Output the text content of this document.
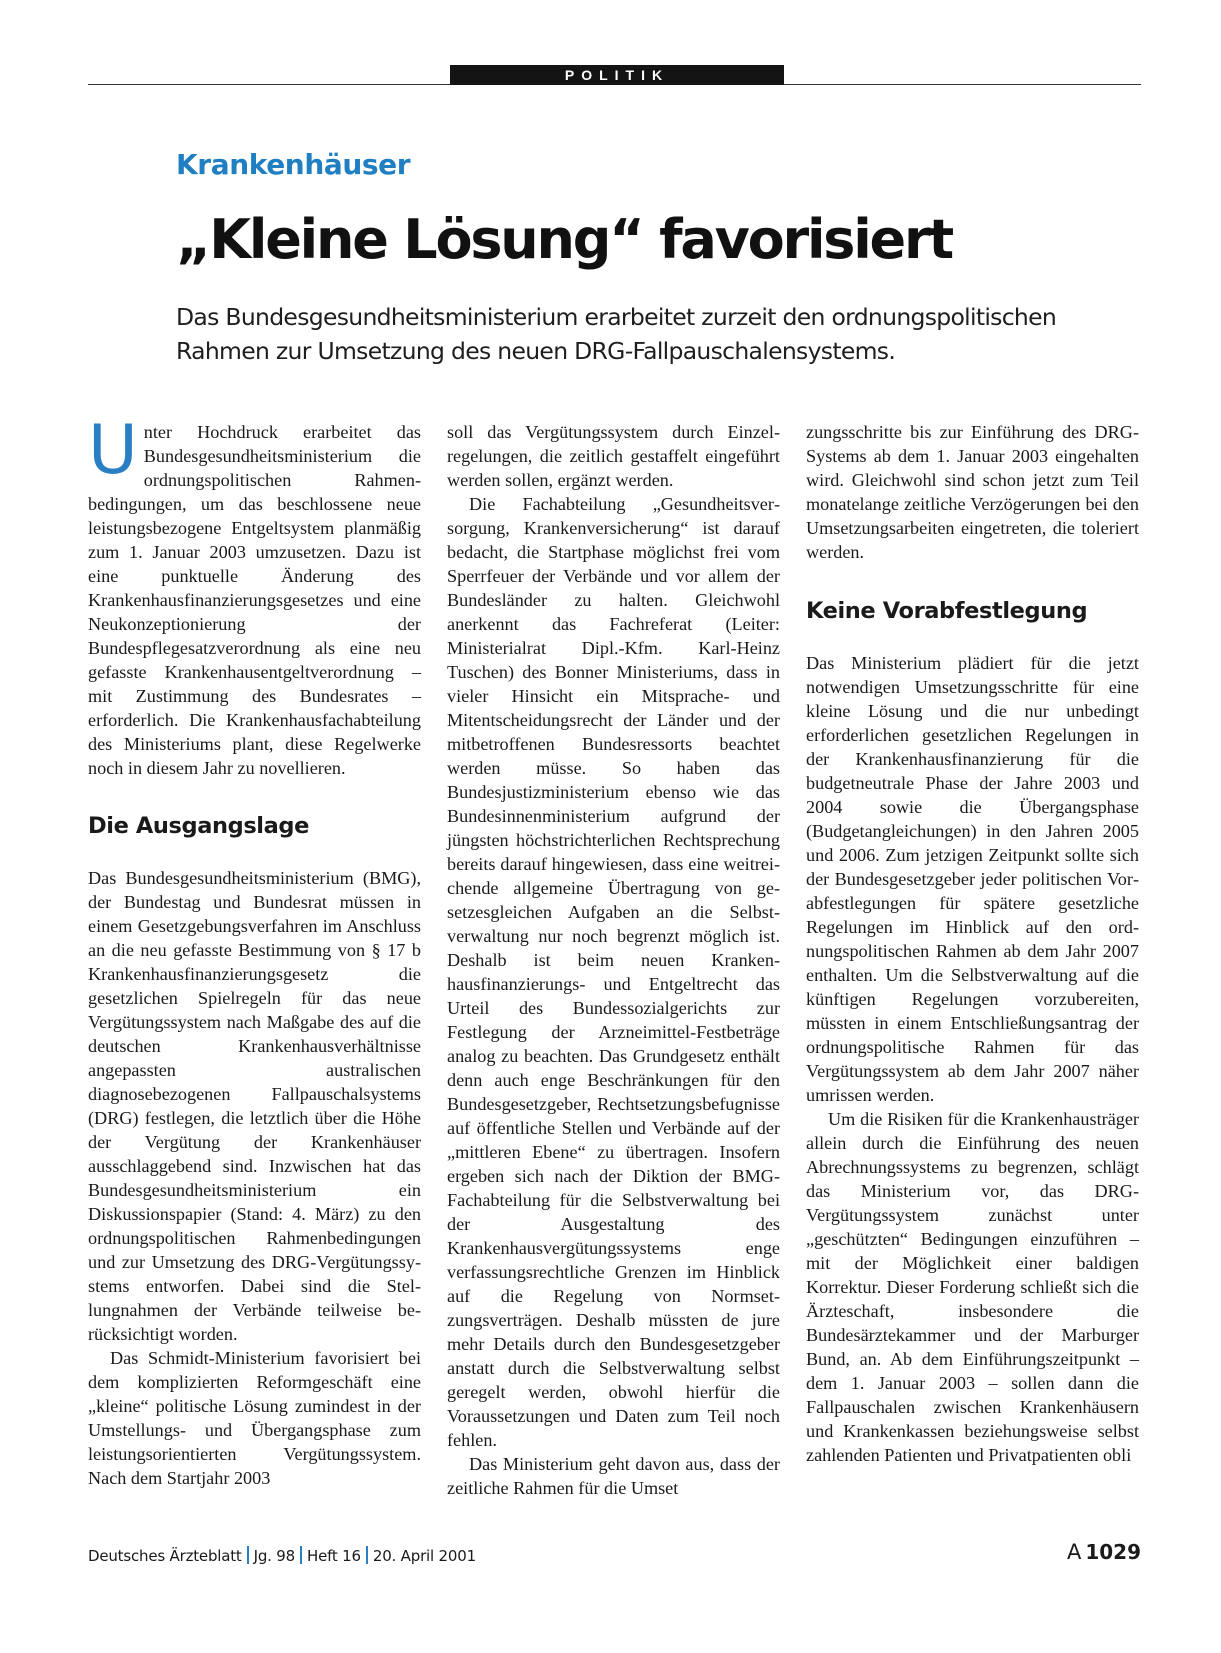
POLITIK
Krankenhäuser
„Kleine Lösung“ favorisiert
Das Bundesgesundheitsministerium erarbeitet zurzeit den ordnungspolitischen Rahmen zur Umsetzung des neuen DRG-Fallpauschalensystems.

Unter Hochdruck erarbeitet das Bundesgesundheitsministerium die ordnungspolitischen Rahmenbedingungen, um das beschlossene neue leistungsbezogene Entgeltsystem planmäßig zum 1. Januar 2003 umzusetzen. Dazu ist eine punktuelle Änderung des Krankenhausfinanzierungsgesetzes und eine Neukonzeptionierung der Bundespflegesatzverordnung als eine neu gefasste Krankenhausentgeltverordnung – mit Zustimmung des Bundesrates – erforderlich. Die Krankenhausfachabteilung des Ministeriums plant, diese Regelwerke noch in diesem Jahr zu novellieren.

Die Ausgangslage

Das Bundesgesundheitsministerium (BMG), der Bundestag und Bundesrat müssen in einem Gesetzgebungsverfahren im Anschluss an die neu gefasste Bestimmung von § 17 b Krankenhausfinanzierungsgesetz die gesetzlichen Spielregeln für das neue Vergütungssystem nach Maßgabe des auf die deutschen Krankenhausverhältnisse angepassten australischen diagnosebezogenen Fallpauschalsystems (DRG) festlegen, die letztlich über die Höhe der Vergütung der Krankenhäuser ausschlaggebend sind. Inzwischen hat das Bundesgesundheitsministerium ein Diskussionspapier (Stand: 4. März) zu den ordnungspolitischen Rahmenbedingungen und zur Umsetzung des DRG-Vergütungssystems entworfen. Dabei sind die Stellungnahmen der Verbände teilweise berücksichtigt worden.

Das Schmidt-Ministerium favorisiert bei dem komplizierten Reformgeschäft eine „kleine“ politische Lösung zumindest in der Umstellungs- und Übergangsphase zum leistungsorientierten Vergütungssystem. Nach dem Startjahr 2003

soll das Vergütungssystem durch Einzelregelungen, die zeitlich gestaffelt eingeführt werden sollen, ergänzt werden.

Die Fachabteilung „Gesundheitsversorgung, Krankenversicherung“ ist darauf bedacht, die Startphase möglichst frei vom Sperrfeuer der Verbände und vor allem der Bundesländer zu halten. Gleichwohl anerkennt das Fachreferat (Leiter: Ministerialrat Dipl.-Kfm. Karl-Heinz Tuschen) des Bonner Ministeriums, dass in vieler Hinsicht ein Mitsprache- und Mitentscheidungsrecht der Länder und der mitbetroffenen Bundesressorts beachtet werden müsse. So haben das Bundesjustizministerium ebenso wie das Bundesinnenministerium aufgrund der jüngsten höchstrichterlichen Rechtsprechung bereits darauf hingewiesen, dass eine weitreichende allgemeine Übertragung von gesetzesgleichen Aufgaben an die Selbstverwaltung nur noch begrenzt möglich ist. Deshalb ist beim neuen Krankenhausfinanzierungs- und Entgeltrecht das Urteil des Bundessozialgerichts zur Festlegung der Arzneimittel-Festbeträge analog zu beachten. Das Grundgesetz enthält denn auch enge Beschränkungen für den Bundesgesetzgeber, Rechtsetzungsbefugnisse auf öffentliche Stellen und Verbände auf der „mittleren Ebene“ zu übertragen. Insofern ergeben sich nach der Diktion der BMG-Fachabteilung für die Selbstverwaltung bei der Ausgestaltung des Krankenhausvergütungssystems enge verfassungsrechtliche Grenzen im Hinblick auf die Regelung von Normsetzungsverträgen. Deshalb müssten de jure mehr Details durch den Bundesgesetzgeber anstatt durch die Selbstverwaltung selbst geregelt werden, obwohl hierfür die Voraussetzungen und Daten zum Teil noch fehlen.

Das Ministerium geht davon aus, dass der zeitliche Rahmen für die Umset

zungsschritte bis zur Einführung des DRG-Systems ab dem 1. Januar 2003 eingehalten wird. Gleichwohl sind schon jetzt zum Teil monatelange zeitliche Verzögerungen bei den Umsetzungsarbeiten eingetreten, die toleriert werden.

Keine Vorabfestlegung

Das Ministerium plädiert für die jetzt notwendigen Umsetzungsschritte für eine kleine Lösung und die nur unbedingt erforderlichen gesetzlichen Regelungen in der Krankenhausfinanzierung für die budgetneutrale Phase der Jahre 2003 und 2004 sowie die Übergangsphase (Budgetangleichungen) in den Jahren 2005 und 2006. Zum jetzigen Zeitpunkt sollte sich der Bundesgesetzgeber jeder politischen Vorabfestlegungen für spätere gesetzliche Regelungen im Hinblick auf den ordnungspolitischen Rahmen ab dem Jahr 2007 enthalten. Um die Selbstverwaltung auf die künftigen Regelungen vorzubereiten, müssten in einem Entschließungsantrag der ordnungspolitische Rahmen für das Vergütungssystem ab dem Jahr 2007 näher umrissen werden.

Um die Risiken für die Krankenhausträger allein durch die Einführung des neuen Abrechnungssystems zu begrenzen, schlägt das Ministerium vor, das DRG-Vergütungssystem zunächst unter „geschützten“ Bedingungen einzuführen – mit der Möglichkeit einer baldigen Korrektur. Dieser Forderung schließt sich die Ärzteschaft, insbesondere die Bundesärztekammer und der Marburger Bund, an. Ab dem Einführungszeitpunkt – dem 1. Januar 2003 – sollen dann die Fallpauschalen zwischen Krankenhäusern und Krankenkassen beziehungsweise selbst zahlenden Patienten und Privatpatienten obli

Deutsches Ärzteblatt Jg. 98 Heft 16 20. April 2001	A 1029
